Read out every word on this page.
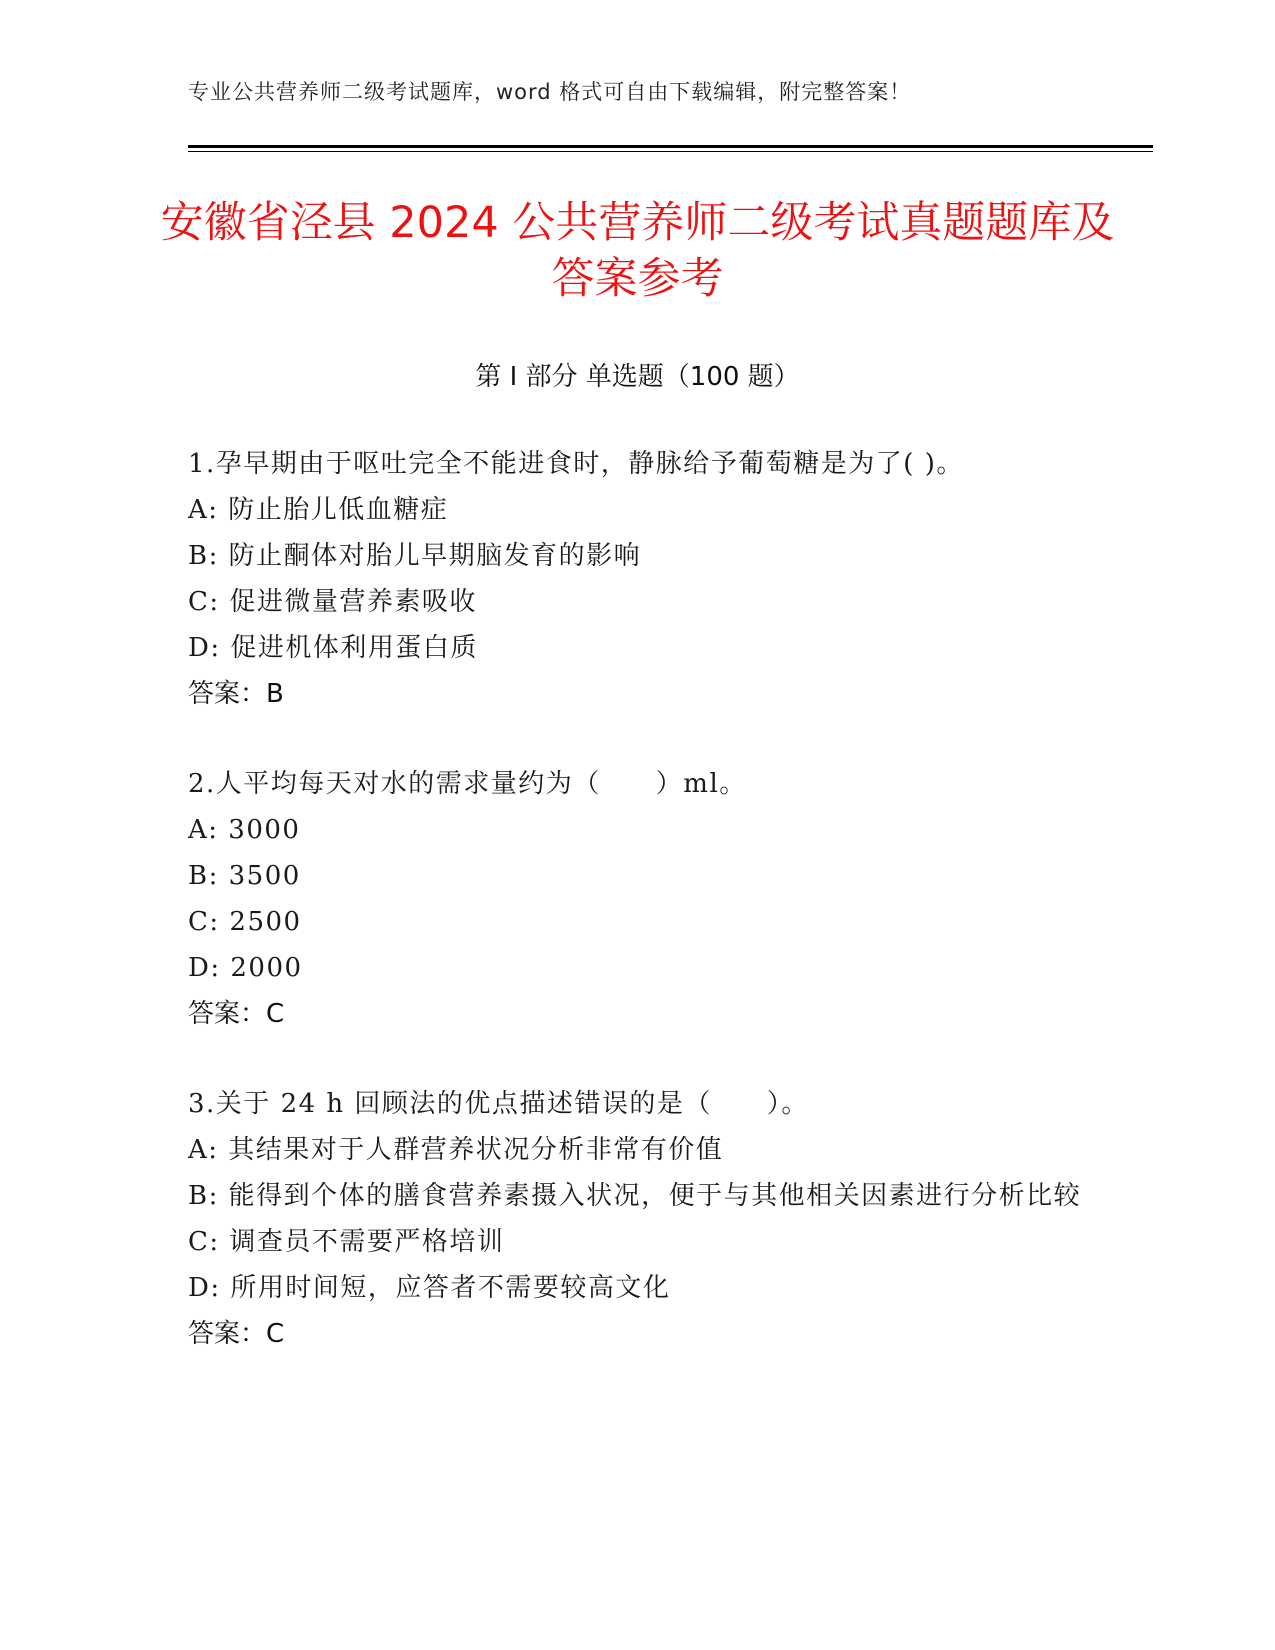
专业公共营养师二级考试题库，word 格式可自由下载编辑，附完整答案！
安徽省泾县 2024 公共营养师二级考试真题题库及答案参考
第 I 部分 单选题（100 题）
1.孕早期由于呕吐完全不能进食时，静脉给予葡萄糖是为了( )。
A: 防止胎儿低血糖症
B: 防止酮体对胎儿早期脑发育的影响
C: 促进微量营养素吸收
D: 促进机体利用蛋白质
答案：B
2.人平均每天对水的需求量约为（　　）ml。
A: 3000
B: 3500
C: 2500
D: 2000
答案：C
3.关于 24 h 回顾法的优点描述错误的是（　　）。
A: 其结果对于人群营养状况分析非常有价值
B: 能得到个体的膳食营养素摄入状况，便于与其他相关因素进行分析比较
C: 调查员不需要严格培训
D: 所用时间短，应答者不需要较高文化
答案：C
